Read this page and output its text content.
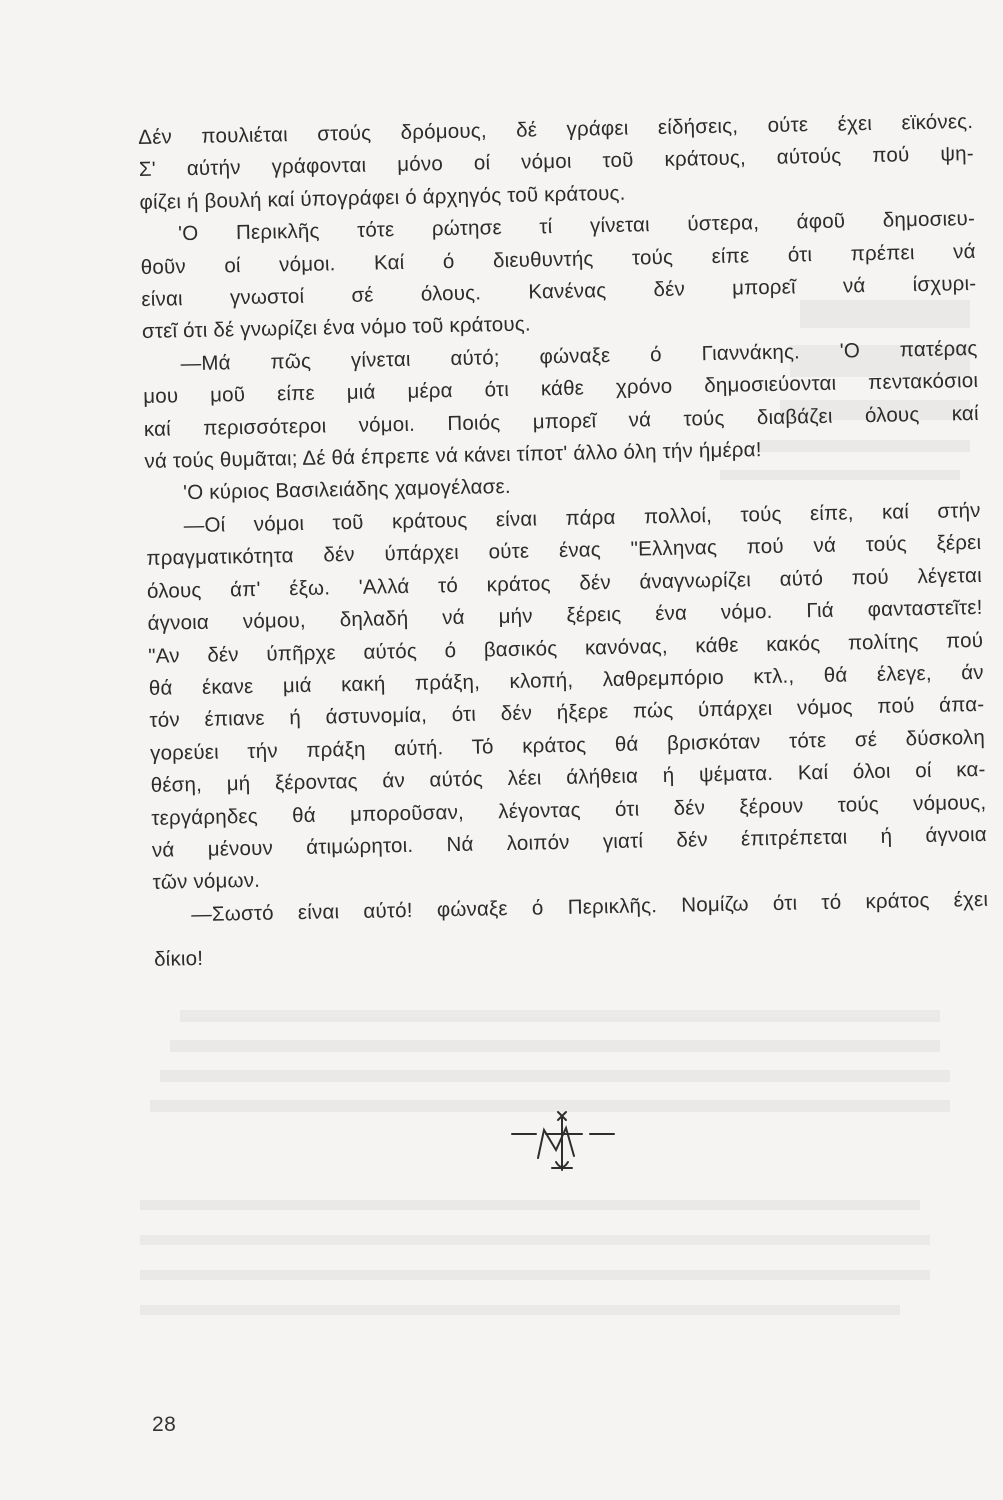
Δέν πουλιέται στούς δρόμους, δέ γράφει είδήσεις, ούτε έχει εϊκόνες.
Σ' αύτήν γράφονται μόνο οί νόμοι τοῦ κράτους, αύτούς πού ψη-
φίζει ή βουλή καί ύπογράφει ό άρχηγός τοῦ κράτους.
'Ο Περικλῆς τότε ρώτησε τί γίνεται ύστερα, άφοῦ δημοσιευ-
θοῦν οί νόμοι. Καί ό διευθυντής τούς είπε ότι πρέπει νά
είναι γνωστοί σέ όλους. Κανένας δέν μπορεῖ νά ίσχυρι-
στεῖ ότι δέ γνωρίζει ένα νόμο τοῦ κράτους.
—Μά πῶς γίνεται αύτό; φώναξε ό Γιαννάκης. 'Ο πατέρας
μου μοῦ είπε μιά μέρα ότι κάθε χρόνο δημοσιεύονται πεντακόσιοι
καί περισσότεροι νόμοι. Ποιός μπορεῖ νά τούς διαβάζει όλους καί
νά τούς θυμᾶται; Δέ θά έπρεπε νά κάνει τίποτ' άλλο όλη τήν ήμέρα!
'Ο κύριος Βασιλειάδης χαμογέλασε.
—Οί νόμοι τοῦ κράτους είναι πάρα πολλοί, τούς είπε, καί στήν
πραγματικότητα δέν ύπάρχει ούτε ένας "Ελληνας πού νά τούς ξέρει
όλους άπ' έξω. 'Αλλά τό κράτος δέν άναγνωρίζει αύτό πού λέγεται
άγνοια νόμου, δηλαδή νά μήν ξέρεις ένα νόμο. Γιά φανταστεῖτε!
"Αν δέν ύπῆρχε αύτός ό βασικός κανόνας, κάθε κακός πολίτης πού
θά έκανε μιά κακή πράξη, κλοπή, λαθρεμπόριο κτλ., θά έλεγε, άν
τόν έπιανε ή άστυνομία, ότι δέν ήξερε πώς ύπάρχει νόμος πού άπα-
γορεύει τήν πράξη αύτή. Τό κράτος θά βρισκόταν τότε σέ δύσκολη
θέση, μή ξέροντας άν αύτός λέει άλήθεια ή ψέματα. Καί όλοι οί κα-
τεργάρηδες θά μποροῦσαν, λέγοντας ότι δέν ξέρουν τούς νόμους,
νά μένουν άτιμώρητοι. Νά λοιπόν γιατί δέν έπιτρέπεται ή άγνοια
τῶν νόμων.
—Σωστό είναι αύτό! φώναξε ό Περικλῆς. Νομίζω ότι τό κράτος έχει
δίκιο!
28
